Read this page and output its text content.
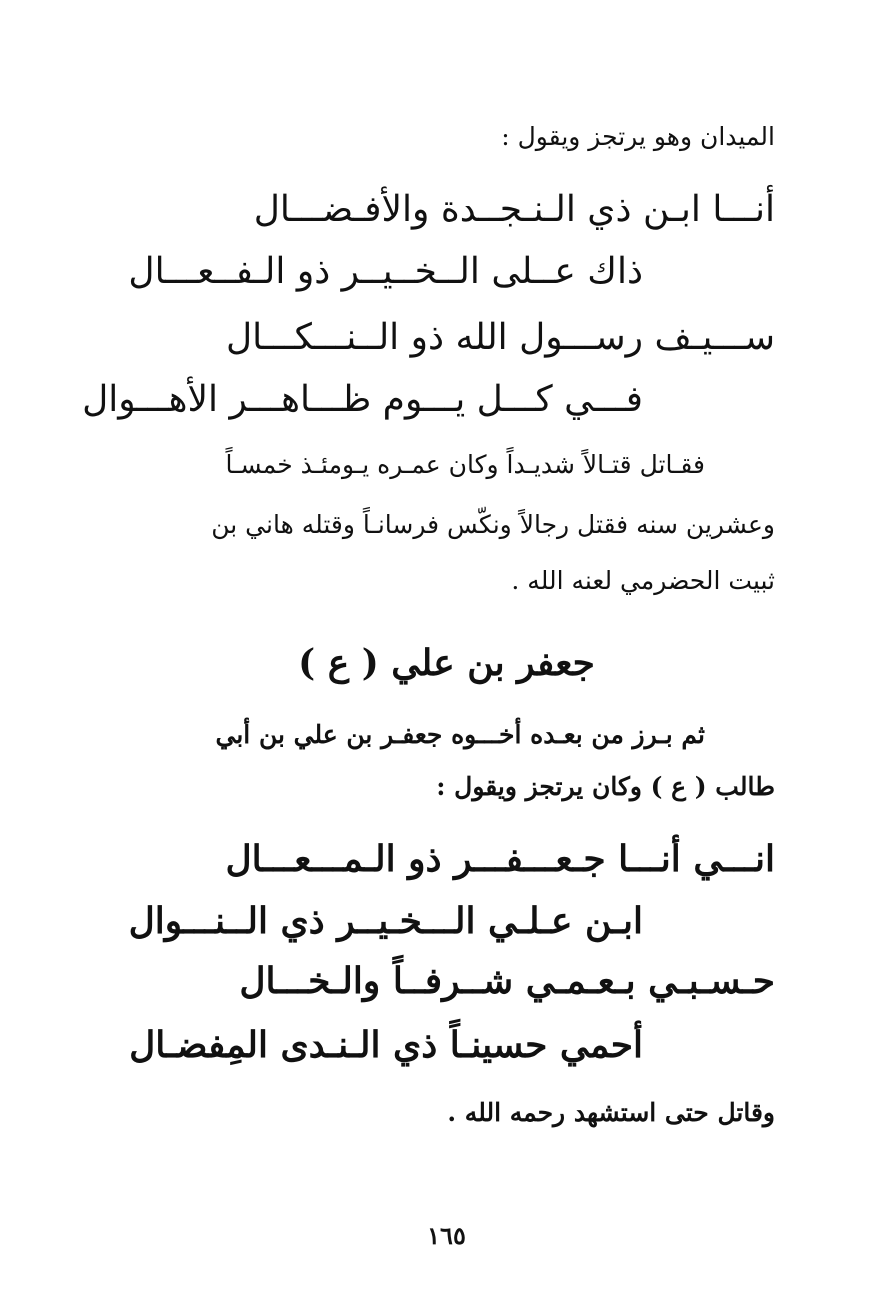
الميدان وهو يرتجز ويقول :

أنـــا ابـن ذي الـنـجــدة والأفـضـــال

ذاك عــلى الــخــيــر ذو الـفــعـــال

ســـيـف رســـول الله ذو الــنـــكـــال

فـــي كـــل يـــوم ظـــاهـــر الأهـــوال

فقـاتل قتـالاً شديـداً وكان عمـره يـومئـذ خمسـاً

وعشرين سنه فقتل رجالاً ونكّس فرسانـاً وقتله هاني بن

ثبيت الحضرمي لعنه الله .

جعفر بن علي ( ع )

ثم بـرز من بعـده أخـــوه جعفـر بن علي بن أبي

طالب ( ع ) وكان يرتجز ويقول :

انـــي أنـــا جـعـــفـــر ذو الـمـــعـــال

ابـن عـلـي الـــخـيــر ذي الــنـــوال

حـسـبـي بـعـمـي شــرفــاً والـخـــال

أحمي حسينـاً ذي الـنـدى المِفضـال

وقاتل حتى استشهد رحمه الله .

١٦٥
